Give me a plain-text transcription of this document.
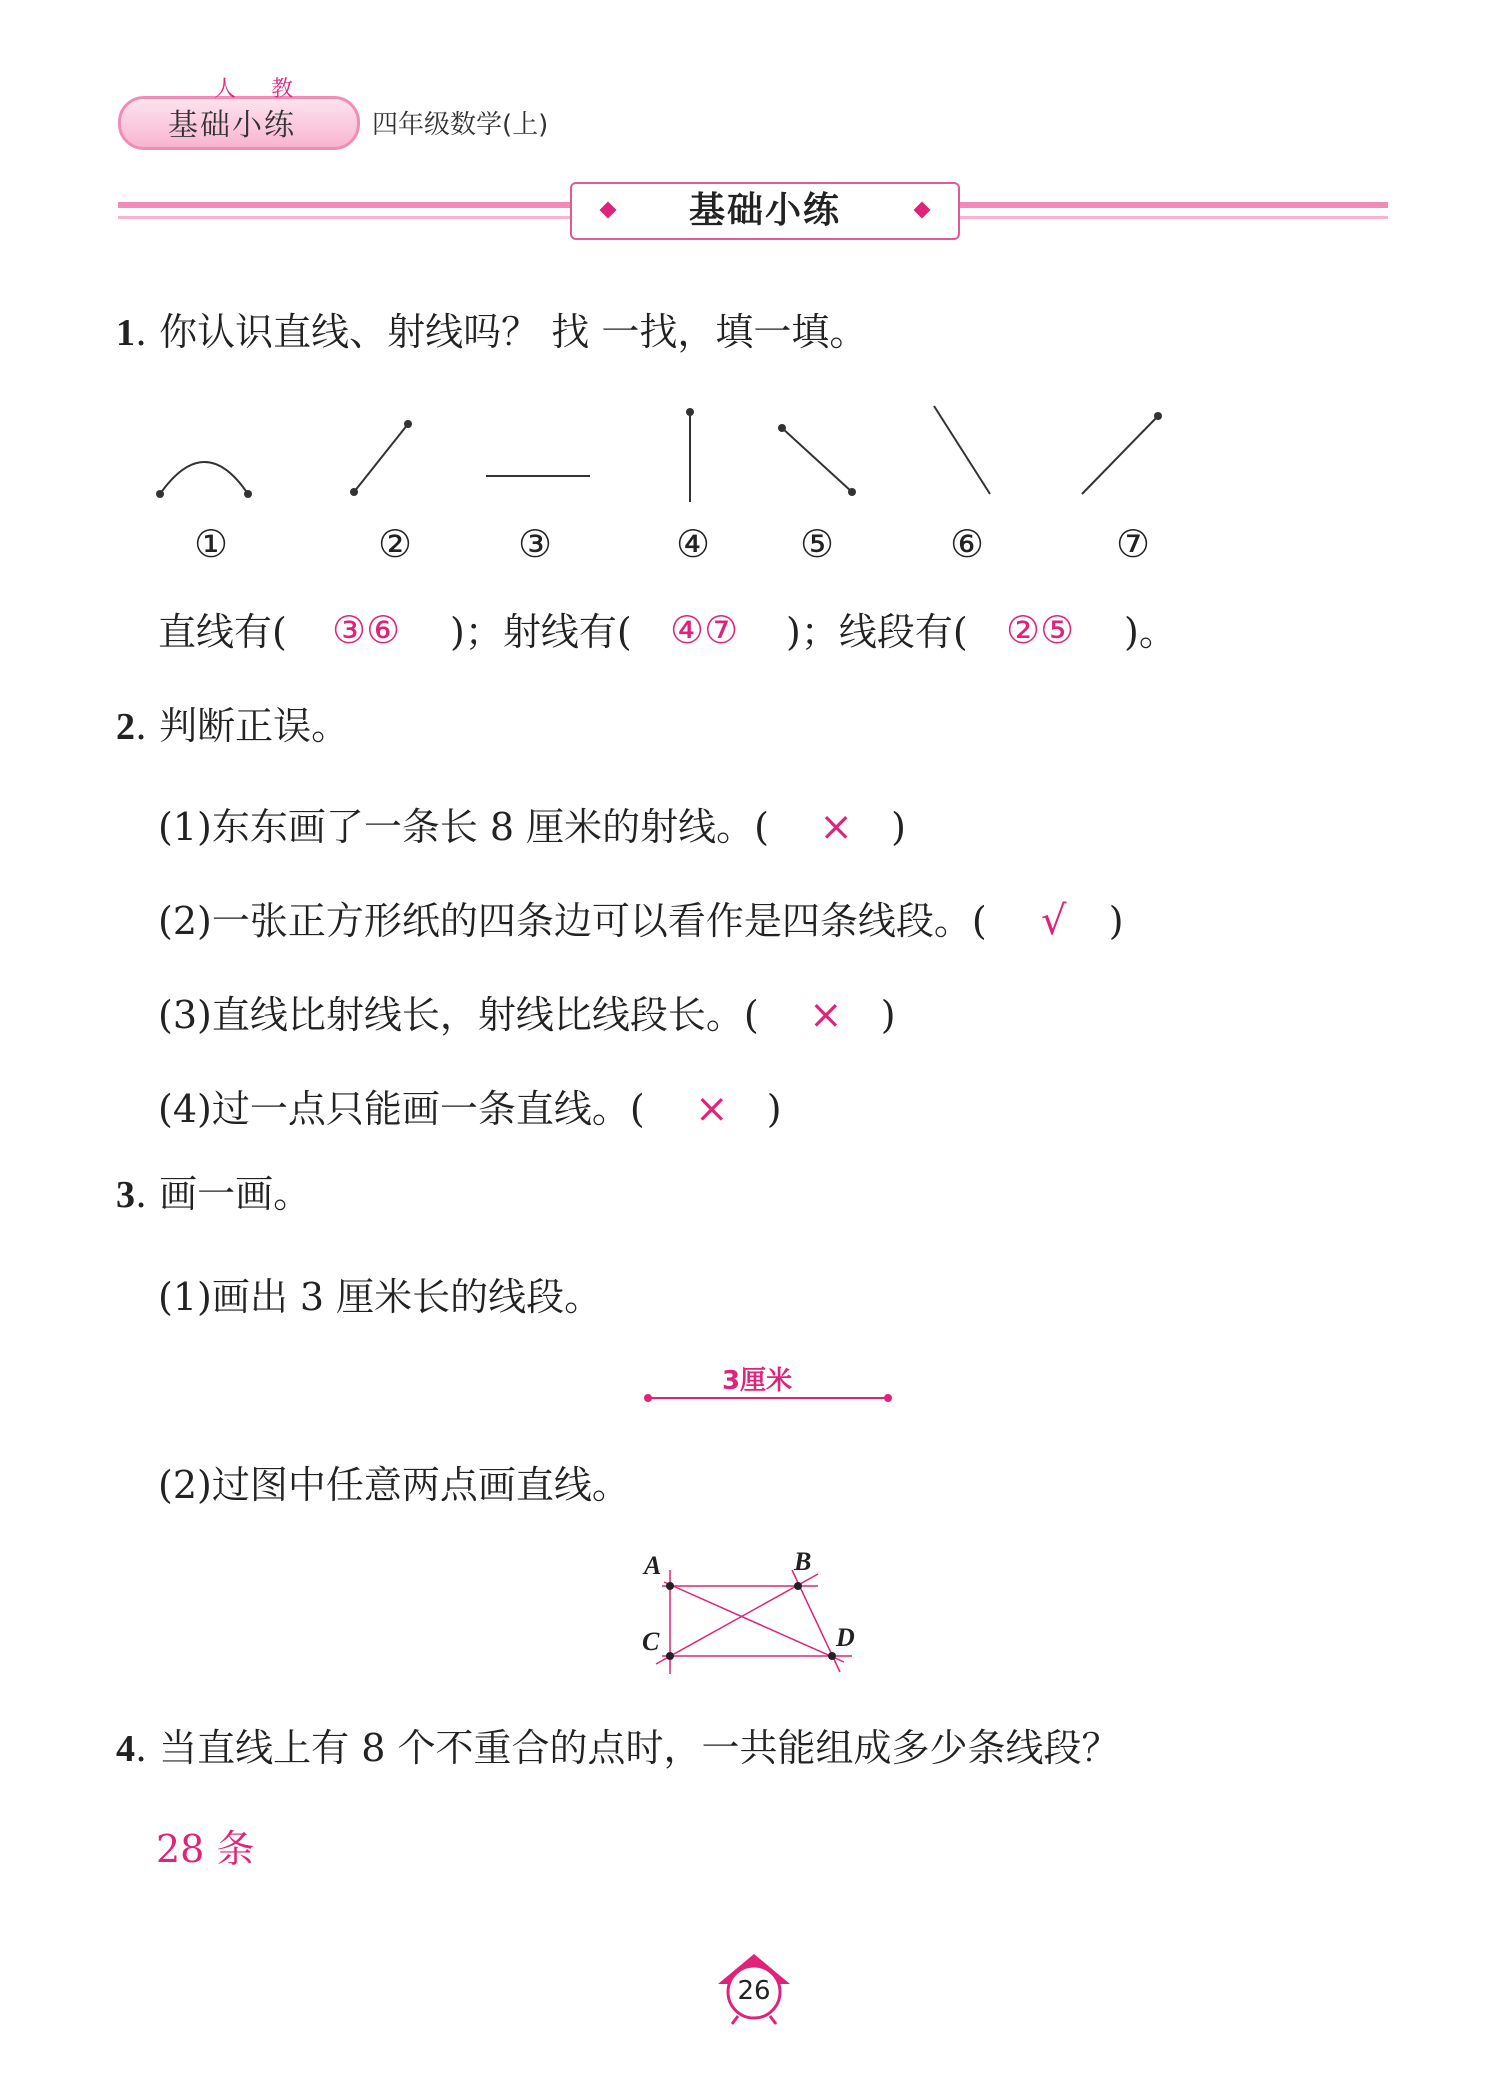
人 教
基础小练	四年级数学(上)
基础小练
1. 你认识直线、射线吗？ 找 一找，填一填。
①	②	③	④ ⑤	⑥	⑦
直线有( ③⑥ )；射线有( ④⑦ )；线段有( ②⑤ )。
2. 判断正误。
(1)东东画了一条长 8 厘米的射线。( × )
(2)一张正方形纸的四条边可以看作是四条线段。( √ )
(3)直线比射线长，射线比线段长。( × )
(4)过一点只能画一条直线。( × )
3. 画一画。
(1)画出 3 厘米长的线段。
3厘米
(2)过图中任意两点画直线。
A	B
C	D
4. 当直线上有 8 个不重合的点时，一共能组成多少条线段？
28 条
26
